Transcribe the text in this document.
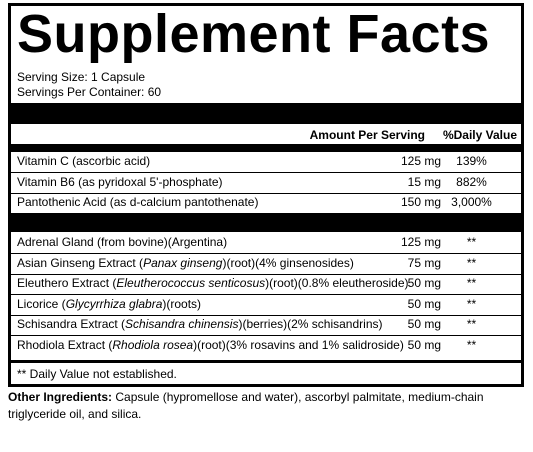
Supplement Facts
Serving Size: 1 Capsule
Servings Per Container: 60
Amount Per Serving %Daily Value
Vitamin C (ascorbic acid)	125 mg	139%
Vitamin B6 (as pyridoxal 5'-phosphate)	15 mg	882%
Pantothenic Acid (as d-calcium pantothenate)	150 mg 3,000%
Adrenal Gland (from bovine)(Argentina)	125 mg	**
Asian Ginseng Extract (Panax ginseng)(root)(4% ginsenosides)	75 mg	**
Eleuthero Extract (Eleutherococcus senticosus)(root)(0.8% eleutheroside) 50 mg	**
Licorice (Glycyrrhiza glabra)(roots)	50 mg	**
Schisandra Extract (Schisandra chinensis)(berries)(2% schisandrins) 50 mg	**
Rhodiola Extract (Rhodiola rosea)(root)(3% rosavins and 1% salidroside) 50 mg	**
** Daily Value not established.
Other Ingredients: Capsule (hypromellose and water), ascorbyl palmitate, medium-chain triglyceride oil, and silica.
